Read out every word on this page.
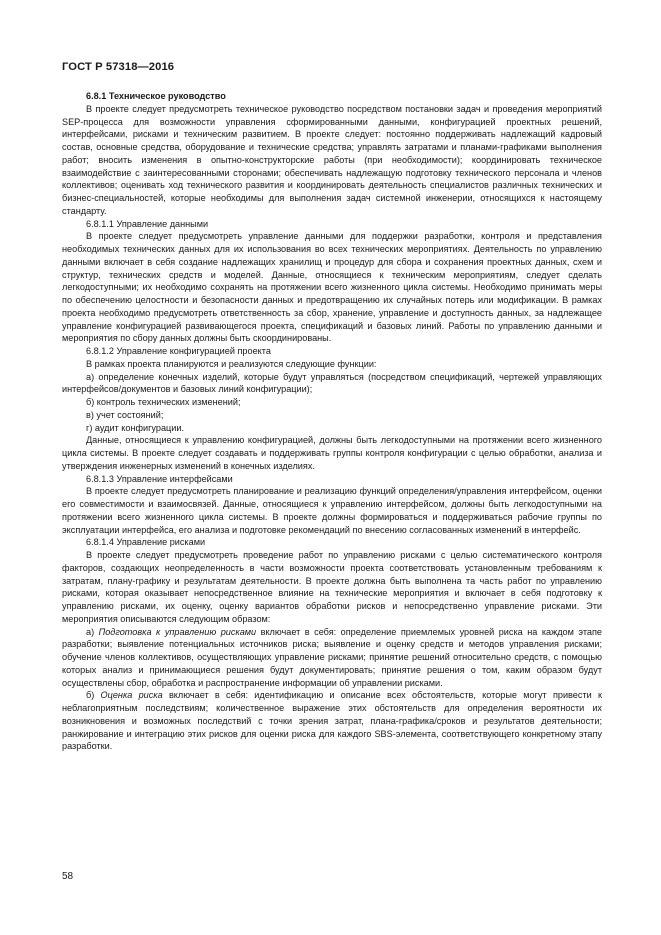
ГОСТ Р 57318—2016

6.8.1 Техническое руководство

В проекте следует предусмотреть техническое руководство посредством постановки задач и проведения мероприятий SEP-процесса для возможности управления сформированными данными, конфигурацией проектных решений, интерфейсами, рисками и техническим развитием. В проекте следует: постоянно поддерживать надлежащий кадровый состав, основные средства, оборудование и технические средства; управлять затратами и планами-графиками выполнения работ; вносить изменения в опытно-конструкторские работы (при необходимости); координировать техническое взаимодействие с заинтересованными сторонами; обеспечивать надлежащую подготовку технического персонала и членов коллективов; оценивать ход технического развития и координировать деятельность специалистов различных технических и бизнес-специальностей, которые необходимы для выполнения задач системной инженерии, относящихся к настоящему стандарту.

6.8.1.1 Управление данными

В проекте следует предусмотреть управление данными для поддержки разработки, контроля и представления необходимых технических данных для их использования во всех технических мероприятиях. Деятельность по управлению данными включает в себя создание надлежащих хранилищ и процедур для сбора и сохранения проектных данных, схем и структур, технических средств и моделей. Данные, относящиеся к техническим мероприятиям, следует сделать легкодоступными; их необходимо сохранять на протяжении всего жизненного цикла системы. Необходимо принимать меры по обеспечению целостности и безопасности данных и предотвращению их случайных потерь или модификации. В рамках проекта необходимо предусмотреть ответственность за сбор, хранение, управление и доступность данных, за надлежащее управление конфигурацией развивающегося проекта, спецификаций и базовых линий. Работы по управлению данными и мероприятия по сбору данных должны быть скоординированы.

6.8.1.2 Управление конфигурацией проекта

В рамках проекта планируются и реализуются следующие функции:

а) определение конечных изделий, которые будут управляться (посредством спецификаций, чертежей управляющих интерфейсов/документов и базовых линий конфигурации);

б) контроль технических изменений;

в) учет состояний;

г) аудит конфигурации.

Данные, относящиеся к управлению конфигурацией, должны быть легкодоступными на протяжении всего жизненного цикла системы. В проекте следует создавать и поддерживать группы контроля конфигурации с целью обработки, анализа и утверждения инженерных изменений в конечных изделиях.

6.8.1.3 Управление интерфейсами

В проекте следует предусмотреть планирование и реализацию функций определения/управления интерфейсом, оценки его совместимости и взаимосвязей. Данные, относящиеся к управлению интерфейсом, должны быть легкодоступными на протяжении всего жизненного цикла системы. В проекте должны формироваться и поддерживаться рабочие группы по эксплуатации интерфейса, его анализа и подготовке рекомендаций по внесению согласованных изменений в интерфейс.

6.8.1.4 Управление рисками

В проекте следует предусмотреть проведение работ по управлению рисками с целью систематического контроля факторов, создающих неопределенность в части возможности проекта соответствовать установленным требованиям к затратам, плану-графику и результатам деятельности. В проекте должна быть выполнена та часть работ по управлению рисками, которая оказывает непосредственное влияние на технические мероприятия и включает в себя подготовку к управлению рисками, их оценку, оценку вариантов обработки рисков и непосредственно управление рисками. Эти мероприятия описываются следующим образом:

а) Подготовка к управлению рисками включает в себя: определение приемлемых уровней риска на каждом этапе разработки; выявление потенциальных источников риска; выявление и оценку средств и методов управления рисками; обучение членов коллективов, осуществляющих управление рисками; принятие решений относительно средств, с помощью которых анализ и принимающиеся решения будут документировать; принятие решения о том, каким образом будут осуществлены сбор, обработка и распространение информации об управлении рисками.

б) Оценка риска включает в себя: идентификацию и описание всех обстоятельств, которые могут привести к неблагоприятным последствиям; количественное выражение этих обстоятельств для определения вероятности их возникновения и возможных последствий с точки зрения затрат, плана-графика/сроков и результатов деятельности; ранжирование и интеграцию этих рисков для оценки риска для каждого SBS-элемента, соответствующего конкретному этапу разработки.

58
